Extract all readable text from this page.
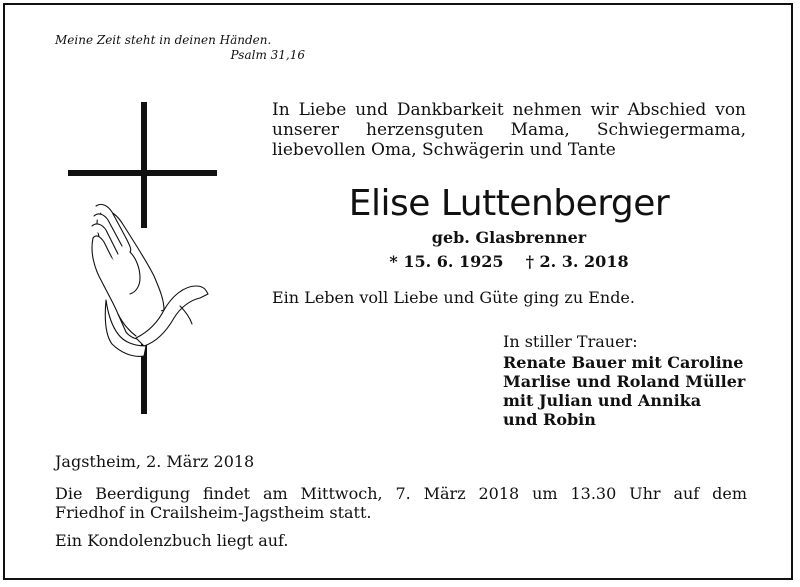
Meine Zeit steht in deinen Händen.
Psalm 31,16
In Liebe und Dankbarkeit nehmen wir Abschied von
unserer herzensguten Mama, Schwiegermama,
liebevollen Oma, Schwägerin und Tante
Elise Luttenberger
geb. Glasbrenner
* 15. 6. 1925 † 2. 3. 2018
Ein Leben voll Liebe und Güte ging zu Ende.
In stiller Trauer:
Renate Bauer mit Caroline
Marlise und Roland Müller
mit Julian und Annika
und Robin
Jagstheim, 2. März 2018
Die Beerdigung findet am Mittwoch, 7. März 2018 um 13.30 Uhr auf dem
Friedhof in Crailsheim-Jagstheim statt.
Ein Kondolenzbuch liegt auf.
